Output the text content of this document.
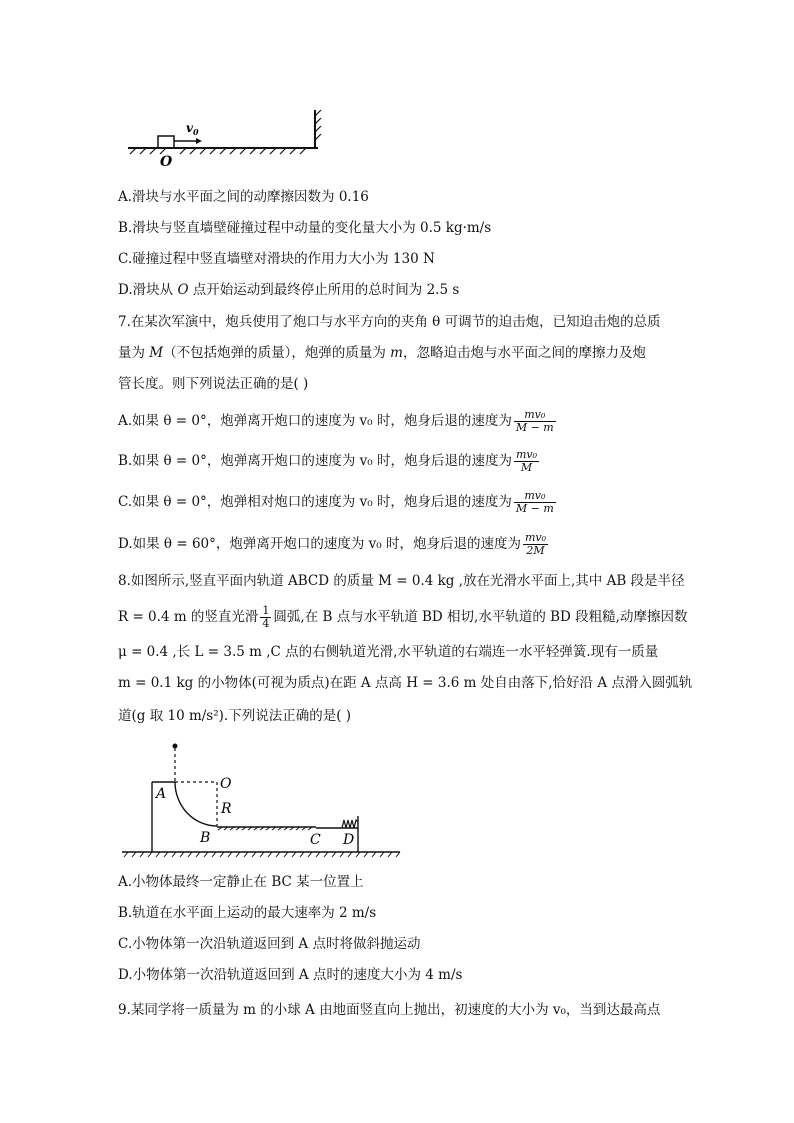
$v_0$
O
A.滑块与水平面之间的动摩擦因数为 0.16
B.滑块与竖直墙壁碰撞过程中动量的变化量大小为 0.5 kg·m/s
C.碰撞过程中竖直墙壁对滑块的作用力大小为 130 N
D.滑块从 O 点开始运动到最终停止所用的总时间为 2.5 s
7.在某次军演中，炮兵使用了炮口与水平方向的夹角 θ 可调节的迫击炮，已知迫击炮的总质
量为 M（不包括炮弹的质量），炮弹的质量为 m，忽略迫击炮与水平面之间的摩擦力及炮
管长度。则下列说法正确的是( )
A.如果 θ = 0°，炮弹离开炮口的速度为 v₀ 时，炮身后退的速度为 $\frac{\text{mv₀}}{M - m}$
B.如果 θ = 0°，炮弹离开炮口的速度为 v₀ 时，炮身后退的速度为 $\frac{\text{mv₀}}{M}$
C.如果 θ = 0°，炮弹相对炮口的速度为 v₀ 时，炮身后退的速度为 $\frac{\text{mv₀}}{M - m}$
D.如果 θ = 60°，炮弹离开炮口的速度为 v₀ 时，炮身后退的速度为 $\frac{\text{mv₀}}{2M}$
8.如图所示,竖直平面内轨道 ABCD 的质量 M = 0.4 kg ,放在光滑水平面上,其中 AB 段是半径
R = 0.4 m 的竖直光滑 $\frac{1}{4}$ 圆弧,在 B 点与水平轨道 BD 相切,水平轨道的 BD 段粗糙,动摩擦因数
μ = 0.4 ,长 L = 3.5 m ,C 点的右侧轨道光滑,水平轨道的右端连一水平轻弹簧.现有一质量
m = 0.1 kg 的小物体(可视为质点)在距 A 点高 H = 3.6 m 处自由落下,恰好沿 A 点滑入圆弧轨
道(g 取 10 m/s²).下列说法正确的是( )
A
O
R
B	C D
A.小物体最终一定静止在 BC 某一位置上
B.轨道在水平面上运动的最大速率为 2 m/s
C.小物体第一次沿轨道返回到 A 点时将做斜抛运动
D.小物体第一次沿轨道返回到 A 点时的速度大小为 4 m/s
9.某同学将一质量为 m 的小球 A 由地面竖直向上抛出，初速度的大小为 v₀，当到达最高点
